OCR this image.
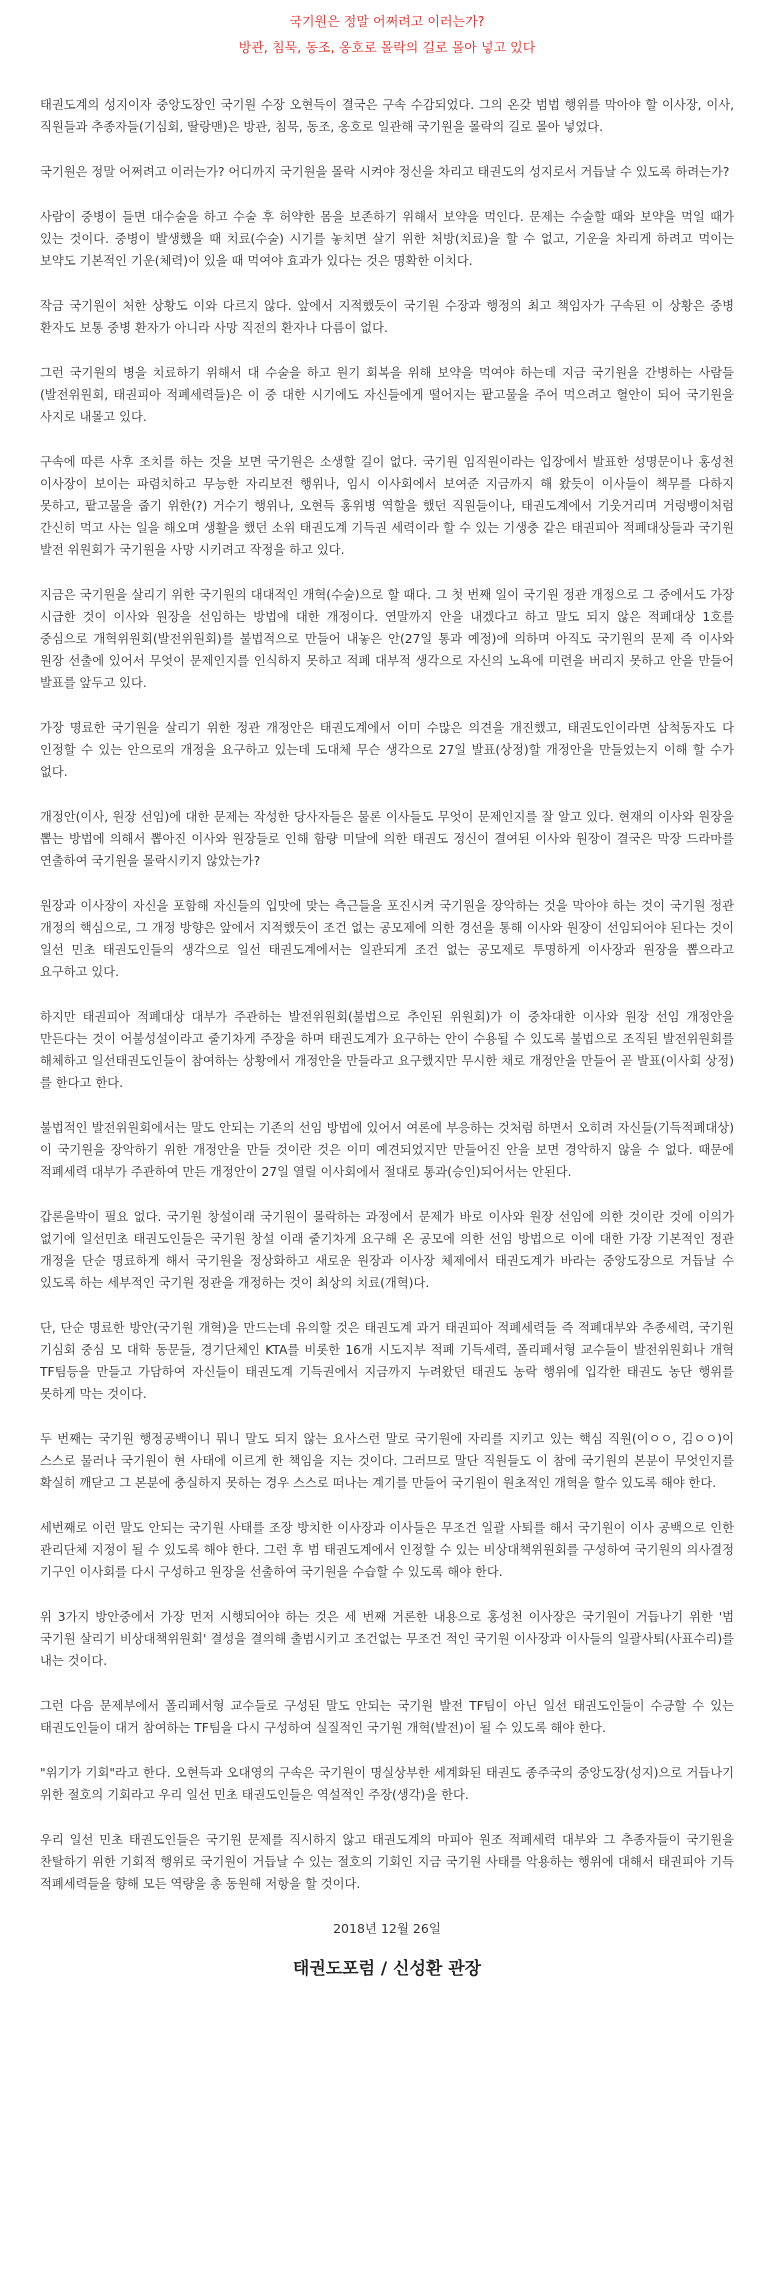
국기원은 정말 어쩌려고 이러는가?
방관, 침묵, 동조, 옹호로 몰락의 길로 몰아 넣고 있다

태권도계의 성지이자 중앙도장인 국기원 수장 오현득이 결국은 구속 수감되었다. 그의 온갖 범법 행위를 막아야 할 이사장, 이사, 직원들과 추종자들(기심회, 딸랑맨)은 방관, 침묵, 동조, 옹호로 일관해 국기원을 몰락의 길로 몰아 넣었다.

국기원은 정말 어쩌려고 이러는가? 어디까지 국기원을 몰락 시켜야 정신을 차리고 태권도의 성지로서 거듭날 수 있도록 하려는가?

사람이 중병이 들면 대수술을 하고 수술 후 허약한 몸을 보존하기 위해서 보약을 먹인다. 문제는 수술할 때와 보약을 먹일 때가 있는 것이다. 중병이 발생했을 때 치료(수술) 시기를 놓치면 살기 위한 처방(치료)을 할 수 없고, 기운을 차리게 하려고 먹이는 보약도 기본적인 기운(체력)이 있을 때 먹여야 효과가 있다는 것은 명확한 이치다.

작금 국기원이 처한 상황도 이와 다르지 않다. 앞에서 지적했듯이 국기원 수장과 행정의 최고 책임자가 구속된 이 상황은 중병 환자도 보통 중병 환자가 아니라 사망 직전의 환자나 다름이 없다.

그런 국기원의 병을 치료하기 위해서 대 수술을 하고 원기 회복을 위해 보약을 먹여야 하는데 지금 국기원을 간병하는 사람들(발전위원회, 태권피아 적폐세력들)은 이 중 대한 시기에도 자신들에게 떨어지는 팥고물을 주어 먹으려고 혈안이 되어 국기원을 사지로 내몰고 있다.

구속에 따른 사후 조치를 하는 것을 보면 국기원은 소생할 길이 없다. 국기원 임직원이라는 입장에서 발표한 성명문이나 홍성천 이사장이 보이는 파렴치하고 무능한 자리보전 행위나, 임시 이사회에서 보여준 지금까지 해 왔듯이 이사들이 책무를 다하지 못하고, 팥고물을 줍기 위한(?) 거수기 행위나, 오현득 홍위병 역할을 했던 직원들이나, 태권도계에서 기웃거리며 거렁뱅이처럼 간신히 먹고 사는 일을 해오며 생활을 했던 소위 태권도계 기득권 세력이라 할 수 있는 기생충 같은 태권피아 적폐대상들과 국기원 발전 위원회가 국기원을 사망 시키려고 작정을 하고 있다.

지금은 국기원을 살리기 위한 국기원의 대대적인 개혁(수술)으로 할 때다. 그 첫 번째 일이 국기원 정관 개정으로 그 중에서도 가장 시급한 것이 이사와 원장을 선임하는 방법에 대한 개정이다. 연말까지 안을 내겠다고 하고 말도 되지 않은 적폐대상 1호를 중심으로 개혁위원회(발전위원회)를 불법적으로 만들어 내놓은 안(27일 통과 예정)에 의하며 아직도 국기원의 문제 즉 이사와 원장 선출에 있어서 무엇이 문제인지를 인식하지 못하고 적폐 대부적 생각으로 자신의 노욕에 미련을 버리지 못하고 안을 만들어 발표를 앞두고 있다.

가장 명료한 국기원을 살리기 위한 정관 개정안은 태권도계에서 이미 수많은 의견을 개진했고, 태권도인이라면 삼척동자도 다 인정할 수 있는 안으로의 개정을 요구하고 있는데 도대체 무슨 생각으로 27일 발표(상정)할 개정안을 만들었는지 이해 할 수가 없다.

개정안(이사, 원장 선임)에 대한 문제는 작성한 당사자들은 물론 이사들도 무엇이 문제인지를 잘 알고 있다. 현재의 이사와 원장을 뽑는 방법에 의해서 뽑아진 이사와 원장들로 인해 함량 미달에 의한 태권도 정신이 결여된 이사와 원장이 결국은 막장 드라마를 연출하여 국기원을 몰락시키지 않았는가?

원장과 이사장이 자신을 포함해 자신들의 입맛에 맞는 측근들을 포진시켜 국기원을 장악하는 것을 막아야 하는 것이 국기원 정관 개정의 핵심으로, 그 개정 방향은 앞에서 지적했듯이 조건 없는 공모제에 의한 경선을 통해 이사와 원장이 선임되어야 된다는 것이 일선 민초 태권도인들의 생각으로 일선 태권도계에서는 일관되게 조건 없는 공모제로 투명하게 이사장과 원장을 뽑으라고 요구하고 있다.

하지만 태권피아 적폐대상 대부가 주관하는 발전위원회(불법으로 추인된 위원회)가 이 중차대한 이사와 원장 선임 개정안을 만든다는 것이 어불성설이라고 줄기차게 주장을 하며 태권도계가 요구하는 안이 수용될 수 있도록 불법으로 조직된 발전위원회를 해체하고 일선태권도인들이 참여하는 상황에서 개정안을 만들라고 요구했지만 무시한 채로 개정안을 만들어 곧 발표(이사회 상정)를 한다고 한다.

불법적인 발전위원회에서는 말도 안되는 기존의 선임 방법에 있어서 여론에 부응하는 것처럼 하면서 오히려 자신들(기득적폐대상)이 국기원을 장악하기 위한 개정안을 만들 것이란 것은 이미 예견되었지만 만들어진 안을 보면 경악하지 않을 수 없다. 때문에 적폐세력 대부가 주관하여 만든 개정안이 27일 열릴 이사회에서 절대로 통과(승인)되어서는 안된다.

갑론을박이 필요 없다. 국기원 창설이래 국기원이 몰락하는 과정에서 문제가 바로 이사와 원장 선임에 의한 것이란 것에 이의가 없기에 일선민초 태권도인들은 국기원 창설 이래 줄기차게 요구해 온 공모에 의한 선임 방법으로 이에 대한 가장 기본적인 정관 개정을 단순 명료하게 해서 국기원을 정상화하고 새로운 원장과 이사장 체제에서 태권도계가 바라는 중앙도장으로 거듭날 수 있도록 하는 세부적인 국기원 정관을 개정하는 것이 최상의 치료(개혁)다.

단, 단순 명료한 방안(국기원 개혁)을 만드는데 유의할 것은 태권도계 과거 태권피아 적폐세력들 즉 적폐대부와 추종세력, 국기원 기심회 중심 모 대학 동문들, 경기단체인 KTA를 비롯한 16개 시도지부 적폐 기득세력, 폴리페서형 교수들이 발전위원회나 개혁 TF팀등을 만들고 가담하여 자신들이 태권도계 기득권에서 지금까지 누려왔던 태권도 농락 행위에 입각한 태권도 농단 행위를 못하게 막는 것이다.

두 번째는 국기원 행정공백이니 뭐니 말도 되지 않는 요사스런 말로 국기원에 자리를 지키고 있는 핵심 직원(이ㅇㅇ, 김ㅇㅇ)이 스스로 물러나 국기원이 현 사태에 이르게 한 책임을 지는 것이다. 그러므로 말단 직원들도 이 참에 국기원의 본분이 무엇인지를 확실히 깨닫고 그 본분에 충실하지 못하는 경우 스스로 떠나는 계기를 만들어 국기원이 원초적인 개혁을 할수 있도록 해야 한다.

세번째로 이런 말도 안되는 국기원 사태를 조장 방치한 이사장과 이사들은 무조건 일괄 사퇴를 해서 국기원이 이사 공백으로 인한 관리단체 지정이 될 수 있도록 해야 한다. 그런 후 범 태권도계에서 인정할 수 있는 비상대책위원회를 구성하여 국기원의 의사결정 기구인 이사회를 다시 구성하고 원장을 선출하여 국기원을 수습할 수 있도록 해야 한다.

위 3가지 방안중에서 가장 먼저 시행되어야 하는 것은 세 번째 거론한 내용으로 홍성천 이사장은 국기원이 거듭나기 위한 '범 국기원 살리기 비상대책위원회' 결성을 결의해 출범시키고 조건없는 무조건 적인 국기원 이사장과 이사들의 일괄사퇴(사표수리)를 내는 것이다.

그런 다음 문제부에서 폴리페서형 교수들로 구성된 말도 안되는 국기원 발전 TF팀이 아닌 일선 태권도인들이 수긍할 수 있는 태권도인들이 대거 참여하는 TF팀을 다시 구성하여 실질적인 국기원 개혁(발전)이 될 수 있도록 해야 한다.

"위기가 기회"라고 한다. 오현득과 오대영의 구속은 국기원이 명실상부한 세계화된 태권도 종주국의 중앙도장(성지)으로 거듭나기 위한 절호의 기회라고 우리 일선 민초 태권도인들은 역설적인 주장(생각)을 한다.

우리 일선 민초 태권도인들은 국기원 문제를 직시하지 않고 태권도계의 마피아 원조 적폐세력 대부와 그 추종자들이 국기원을 찬탈하기 위한 기회적 행위로 국기원이 거듭날 수 있는 절호의 기회인 지금 국기원 사태를 악용하는 행위에 대해서 태권피아 기득 적폐세력들을 향해 모든 역량을 총 동원해 저항을 할 것이다.

2018년 12월 26일
태권도포럼 / 신성환 관장
